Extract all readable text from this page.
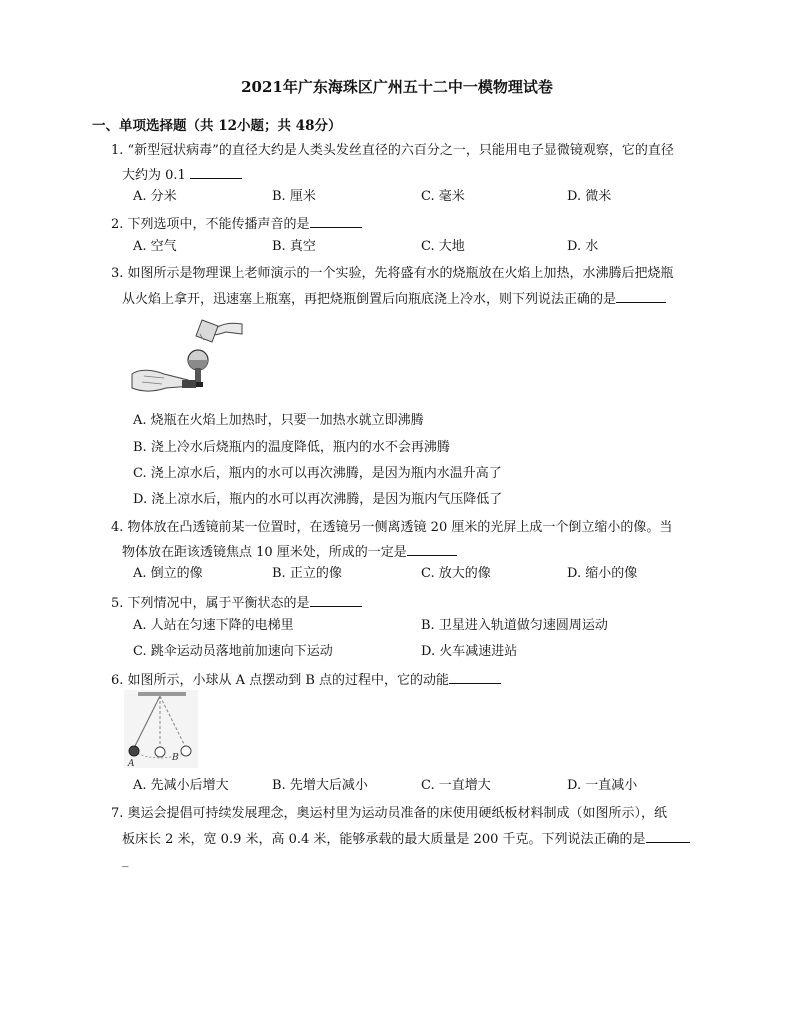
2021年广东海珠区广州五十二中一模物理试卷
一、单项选择题（共 12小题；共 48分）
1. “新型冠状病毒”的直径大约是人类头发丝直径的六百分之一，只能用电子显微镜观察，它的直径
大约为 0.1
A. 分米	B. 厘米	C. 毫米	D. 微米
2. 下列选项中，不能传播声音的是
A. 空气	B. 真空	C. 大地	D. 水
3. 如图所示是物理课上老师演示的一个实验，先将盛有水的烧瓶放在火焰上加热，水沸腾后把烧瓶
从火焰上拿开，迅速塞上瓶塞，再把烧瓶倒置后向瓶底浇上冷水，则下列说法正确的是
A. 烧瓶在火焰上加热时，只要一加热水就立即沸腾
B. 浇上冷水后烧瓶内的温度降低，瓶内的水不会再沸腾
C. 浇上凉水后，瓶内的水可以再次沸腾，是因为瓶内水温升高了
D. 浇上凉水后，瓶内的水可以再次沸腾，是因为瓶内气压降低了
4. 物体放在凸透镜前某一位置时，在透镜另一侧离透镜 20 厘米的光屏上成一个倒立缩小的像。当
物体放在距该透镜焦点 10 厘米处，所成的一定是
A. 倒立的像	B. 正立的像	C. 放大的像	D. 缩小的像
5. 下列情况中，属于平衡状态的是
A. 人站在匀速下降的电梯里	B. 卫星进入轨道做匀速圆周运动
C. 跳伞运动员落地前加速向下运动	D. 火车减速进站
6. 如图所示，小球从 A 点摆动到 B 点的过程中，它的动能
A
B
A. 先减小后增大	B. 先增大后减小	C. 一直增大	D. 一直减小
7. 奥运会提倡可持续发展理念，奥运村里为运动员准备的床使用硬纸板材料制成（如图所示），纸
板床长 2 米，宽 0.9 米，高 0.4 米，能够承载的最大质量是 200 千克。下列说法正确的是
_
